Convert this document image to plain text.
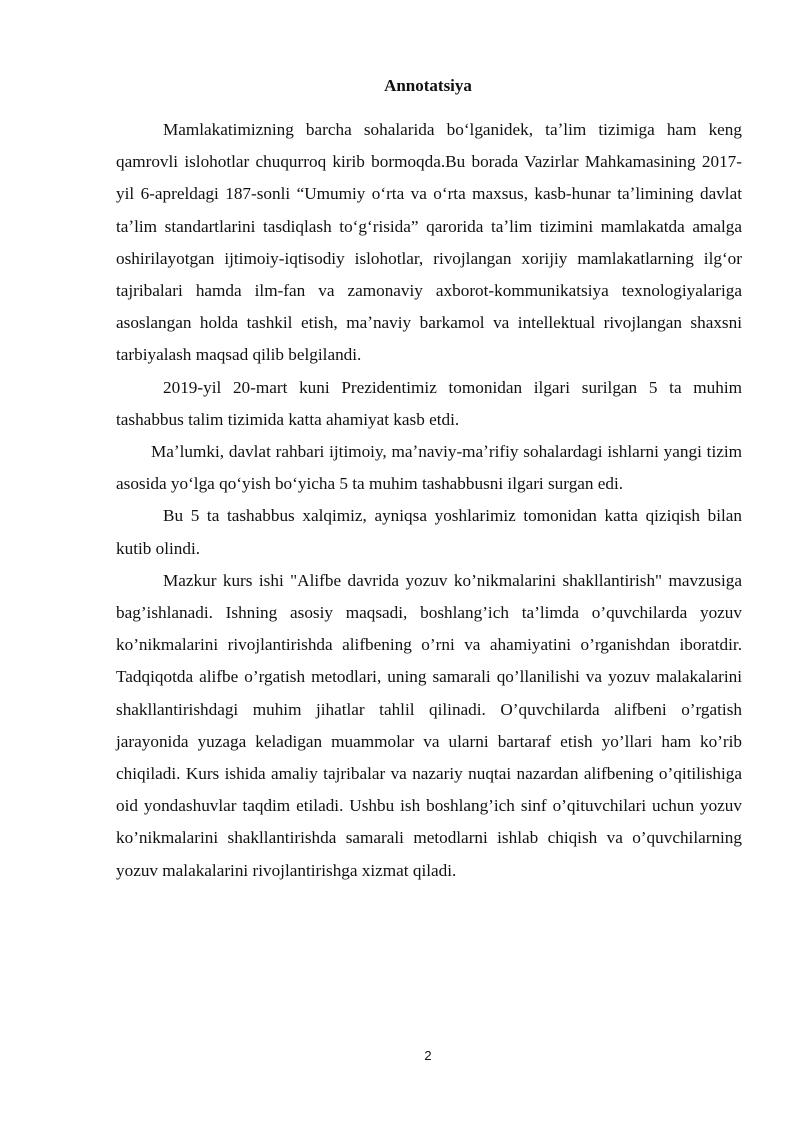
Annotatsiya

Mamlakatimizning barcha sohalarida boʻlganidek, taʼlim tizimiga ham keng qamrovli islohotlar chuqurroq kirib bormoqda.Bu borada Vazirlar Mahkamasining 2017-yil 6-apreldagi 187-sonli “Umumiy oʻrta va oʻrta maxsus, kasb-hunar taʼlimining davlat taʼlim standartlarini tasdiqlash toʻgʻrisida” qarorida taʼlim tizimini mamlakatda amalga oshirilayotgan ijtimoiy-iqtisodiy islohotlar, rivojlangan xorijiy mamlakatlarning ilgʻor tajribalari hamda ilm-fan va zamonaviy axborot-kommunikatsiya texnologiyalariga asoslangan holda tashkil etish, maʼnaviy barkamol va intellektual rivojlangan shaxsni tarbiyalash maqsad qilib belgilandi.

2019-yil 20-mart kuni Prezidentimiz tomonidan ilgari surilgan 5 ta muhim tashabbus talim tizimida katta ahamiyat kasb etdi.

Maʼlumki, davlat rahbari ijtimoiy, maʼnaviy-maʼrifiy sohalardagi ishlarni yangi tizim asosida yoʻlga qoʻyish boʻyicha 5 ta muhim tashabbusni ilgari surgan edi.

Bu 5 ta tashabbus xalqimiz, ayniqsa yoshlarimiz tomonidan katta qiziqish bilan kutib olindi.

Mazkur kurs ishi "Alifbe davrida yozuv ko’nikmalarini shakllantirish" mavzusiga bag’ishlanadi. Ishning asosiy maqsadi, boshlang’ich ta’limda o’quvchilarda yozuv ko’nikmalarini rivojlantirishda alifbening o’rni va ahamiyatini o’rganishdan iboratdir. Tadqiqotda alifbe o’rgatish metodlari, uning samarali qo’llanilishi va yozuv malakalarini shakllantirishdagi muhim jihatlar tahlil qilinadi. O’quvchilarda alifbeni o’rgatish jarayonida yuzaga keladigan muammolar va ularni bartaraf etish yo’llari ham ko’rib chiqiladi. Kurs ishida amaliy tajribalar va nazariy nuqtai nazardan alifbening o’qitilishiga oid yondashuvlar taqdim etiladi. Ushbu ish boshlang’ich sinf o’qituvchilari uchun yozuv ko’nikmalarini shakllantirishda samarali metodlarni ishlab chiqish va o’quvchilarning yozuv malakalarini rivojlantirishga xizmat qiladi.

2
